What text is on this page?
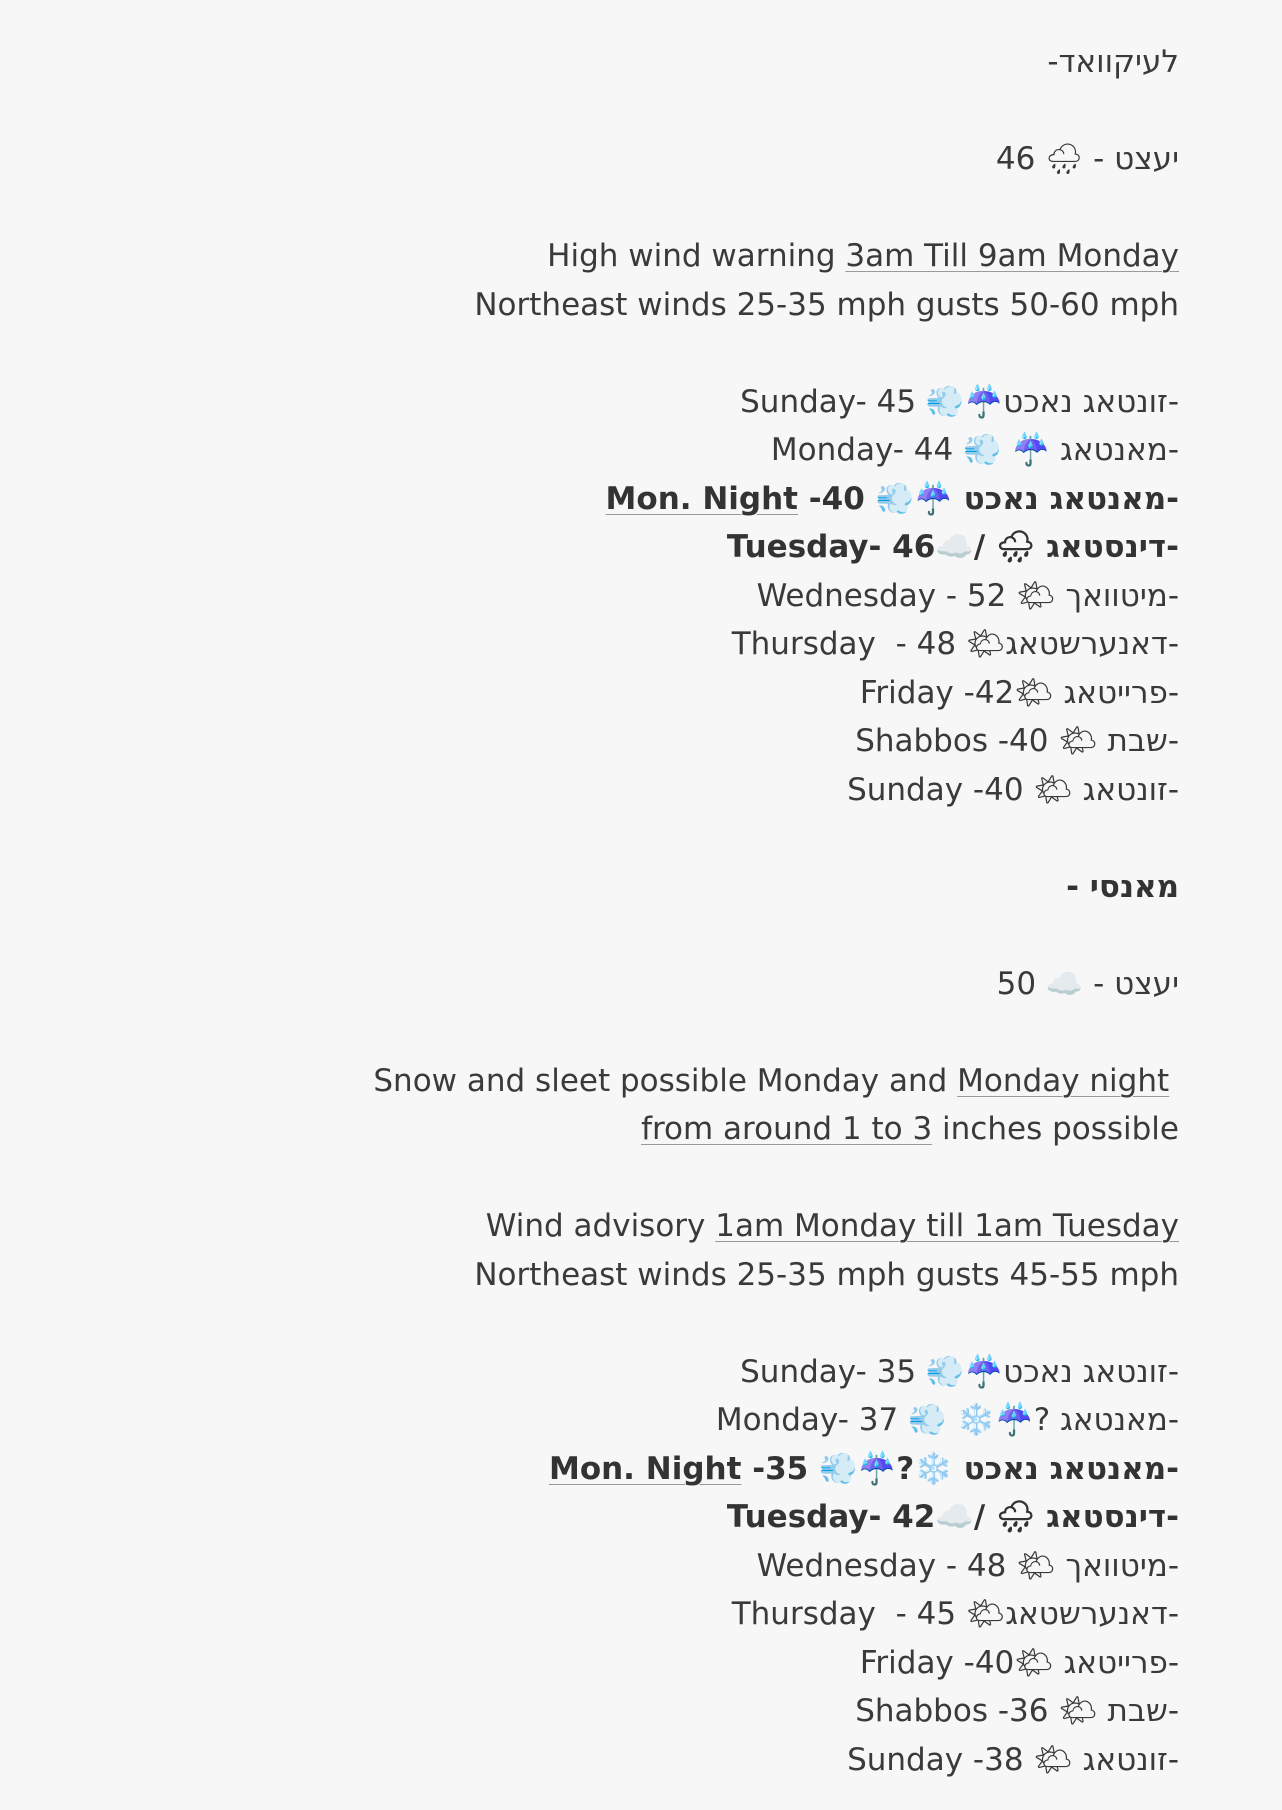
לעיקוואד-
46 🌧 יעצט -
High wind warning 3am Till 9am Monday
Northeast winds 25-35 mph gusts 50-60 mph
Sunday- 45 💨☔️זונטאג נאכט-
Monday- 44 💨 ☔️ מאנטאג-
Mon. Night -40 💨☔️ מאנטאג נאכט-
Tuesday- 46☁️/ 🌧 דינסטאג-
Wednesday - 52 🌤 מיטוואך-
Thursday  - 48 🌤דאנערשטאג-
Friday -42🌤 פרייטאג-
Shabbos -40 🌤 שבת-
Sunday -40 🌤 זונטאג-
מאנסי -
50 ☁️ יעצט -
Snow and sleet possible Monday and Monday night
from around 1 to 3 inches possible
Wind advisory 1am Monday till 1am Tuesday
Northeast winds 25-35 mph gusts 45-55 mph
Sunday- 35 💨☔️זונטאג נאכט-
Monday- 37 💨 ❄️☔️? מאנטאג-
Mon. Night -35 💨☔️?❄️ מאנטאג נאכט-
Tuesday- 42☁️/ 🌧 דינסטאג-
Wednesday - 48 🌤 מיטוואך-
Thursday  - 45 🌤דאנערשטאג-
Friday -40🌤 פרייטאג-
Shabbos -36 🌤 שבת-
Sunday -38 🌤 זונטאג-
